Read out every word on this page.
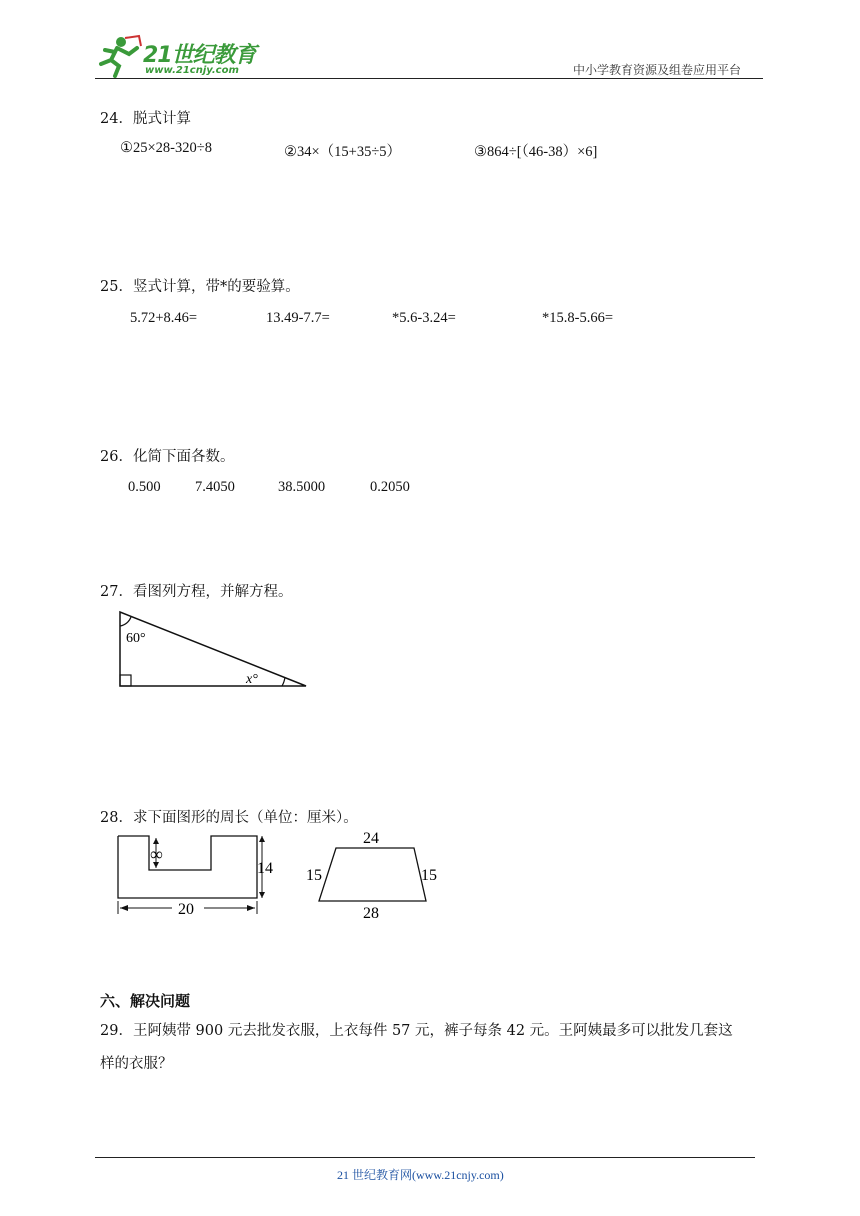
21世纪教育
www.21cnjy.com	中小学教育资源及组卷应用平台
24．脱式计算
①25×28-320÷8	②34×（15+35÷5）	③864÷[（46-38）×6]
25．竖式计算，带*的要验算。
5.72+8.46=	13.49-7.7=	*5.6-3.24=	*15.8-5.66=
26．化简下面各数。
0.500 7.4050	38.5000	0.2050
27．看图列方程，并解方程。
60°
x°
28．求下面图形的周长（单位：厘米）。
∞
14
20
24
15	15
28
六、解决问题
29．王阿姨带 900 元去批发衣服，上衣每件 57 元，裤子每条 42 元。王阿姨最多可以批发几套这
样的衣服？
21 世纪教育网(www.21cnjy.com)
